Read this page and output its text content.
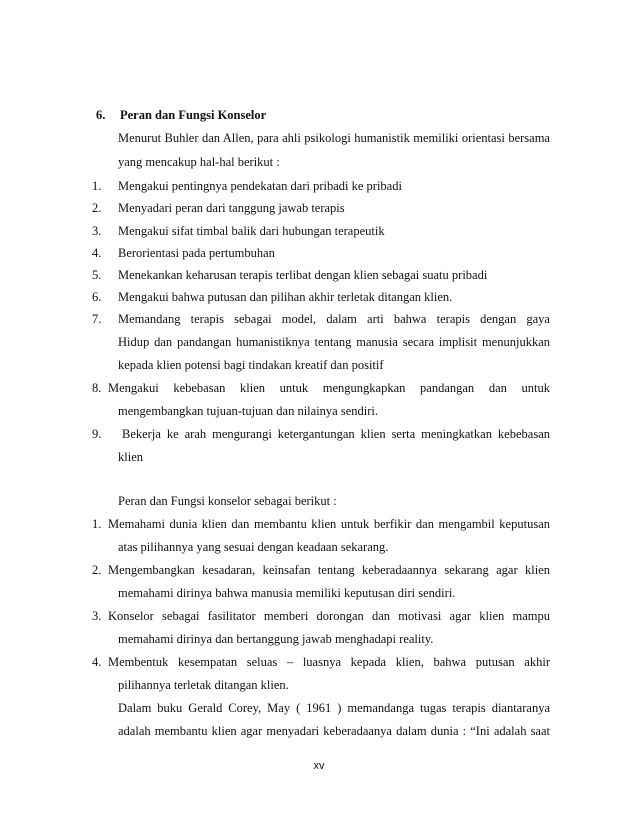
6. Peran dan Fungsi Konselor
Menurut Buhler dan Allen, para ahli psikologi humanistik memiliki orientasi bersama
yang mencakup hal-hal berikut :
1. Mengakui pentingnya pendekatan dari pribadi ke pribadi
2. Menyadari peran dari tanggung jawab terapis
3. Mengakui sifat timbal balik dari hubungan terapeutik
4. Berorientasi pada pertumbuhan
5. Menekankan keharusan terapis terlibat dengan klien sebagai suatu pribadi
6. Mengakui bahwa putusan dan pilihan akhir terletak ditangan klien.
7. Memandang terapis sebagai model, dalam arti bahwa terapis dengan gaya
Hidup dan pandangan humanistiknya tentang manusia secara implisit menunjukkan
kepada klien potensi bagi tindakan kreatif dan positif
8. Mengakui kebebasan klien untuk mengungkapkan pandangan dan untuk
mengembangkan tujuan-tujuan dan nilainya sendiri.
9. Bekerja ke arah mengurangi ketergantungan klien serta meningkatkan kebebasan
klien
Peran dan Fungsi konselor sebagai berikut :
1. Memahami dunia klien dan membantu klien untuk berfikir dan mengambil keputusan
atas pilihannya yang sesuai dengan keadaan sekarang.
2. Mengembangkan kesadaran, keinsafan tentang keberadaannya sekarang agar klien
memahami dirinya bahwa manusia memiliki keputusan diri sendiri.
3. Konselor sebagai fasilitator memberi dorongan dan motivasi agar klien mampu
memahami dirinya dan bertanggung jawab menghadapi reality.
4. Membentuk kesempatan seluas – luasnya kepada klien, bahwa putusan akhir
pilihannya terletak ditangan klien.
Dalam buku Gerald Corey, May ( 1961 ) memandanga tugas terapis diantaranya
adalah membantu klien agar menyadari keberadaanya dalam dunia : “Ini adalah saat
xv
